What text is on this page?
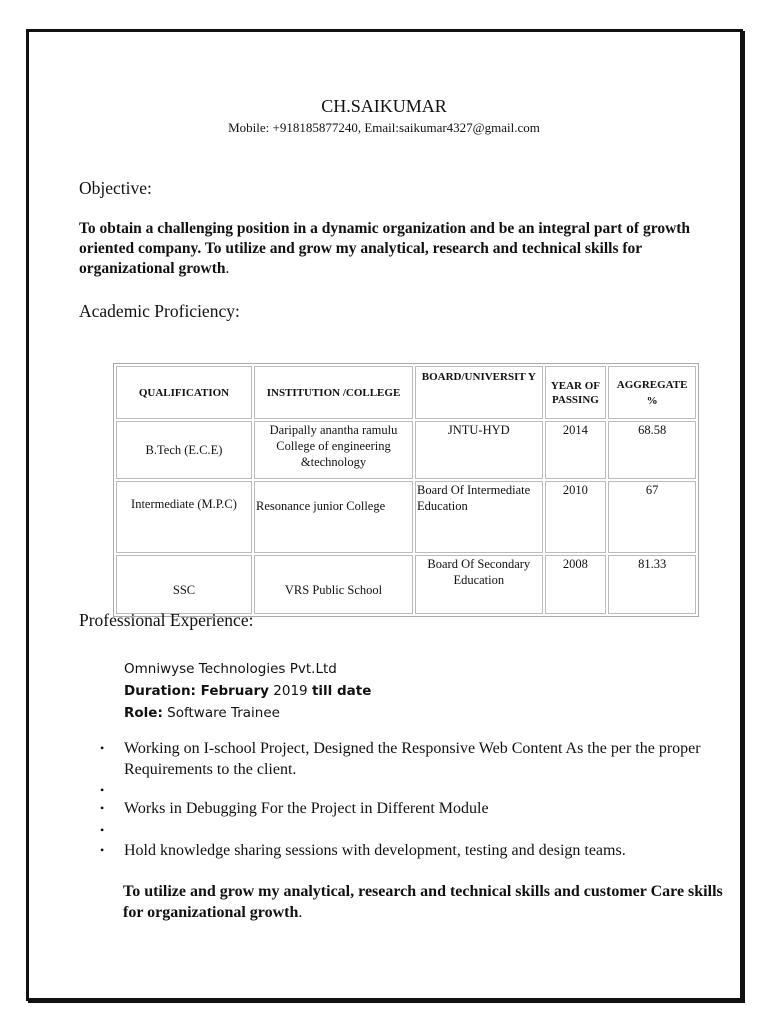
CH.SAIKUMAR
Mobile: +918185877240, Email:saikumar4327@gmail.com
Objective:
To obtain a challenging position in a dynamic organization and be an integral part of growth oriented company. To utilize and grow my analytical, research and technical skills for organizational growth.
Academic Proficiency:
QUALIFICATION	INSTITUTION /COLLEGE	BOARD/UNIVERSIT Y	YEAR OF PASSING	AGGREGATE %
B.Tech (E.C.E)	Daripally anantha ramulu College of engineering &technology	JNTU-HYD	2014	68.58
Intermediate (M.P.C)	Resonance junior College	Board Of Intermediate Education	2010	67
SSC	VRS Public School	Board Of Secondary Education	2008	81.33
Professional Experience:
Omniwyse Technologies Pvt.Ltd
Duration: February 2019 till date
Role: Software Trainee
• Working on I-school Project, Designed the Responsive Web Content As the per the proper Requirements to the client.
•
• Works in Debugging For the Project in Different Module
•
• Hold knowledge sharing sessions with development, testing and design teams.
To utilize and grow my analytical, research and technical skills and customer Care skills for organizational growth.
